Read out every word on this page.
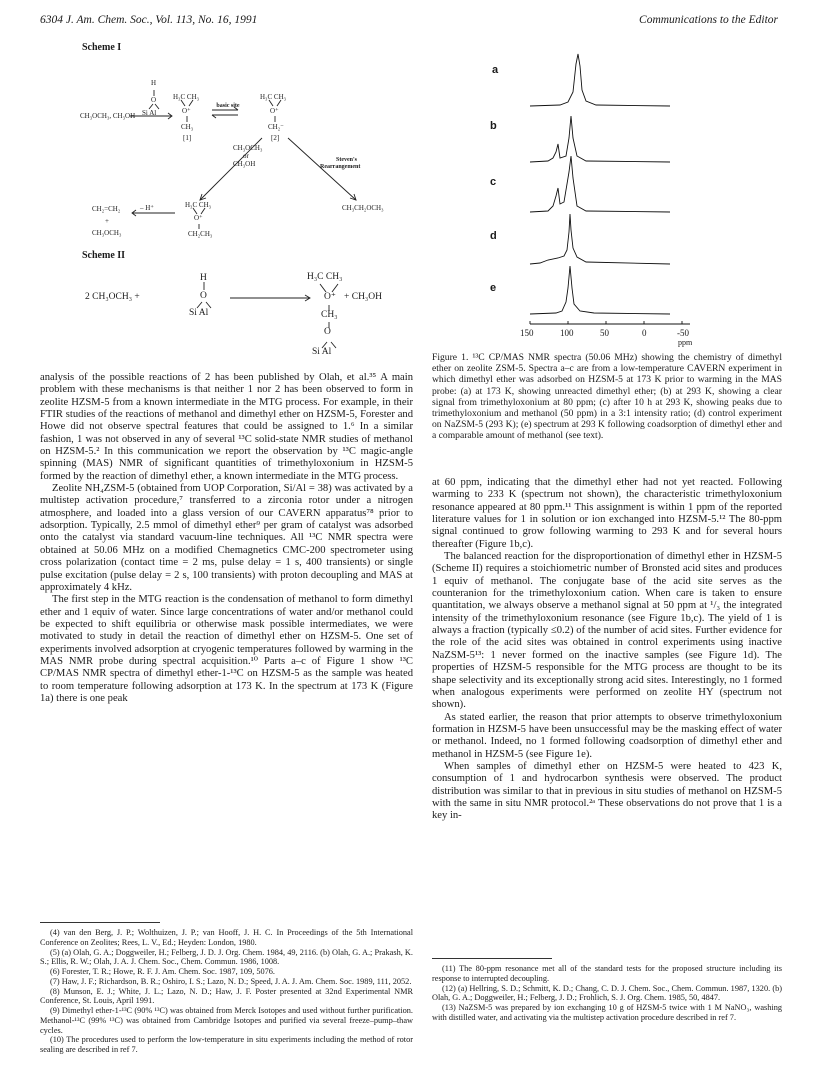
6304 J. Am. Chem. Soc., Vol. 113, No. 16, 1991	Communications to the Editor
Scheme I
H
O
Si Al
CH₃OCH₃, CH₃OH
H₃C CH₃
O⁺
CH₃
[1]
basic site
H₃C CH₃
O⁺
CH₂⁻
[2]
CH₃OCH₃
or
CH₃OH	Steven's
Rearrangement
CH₂=CH₂
+
CH₃OCH₃
– H⁺	H₃C CH₃
O⁺
CH₂CH₃
CH₃CH₂OCH₃
Scheme II
H
O
Si Al
2 CH₃OCH₃ +
H₃C CH₃
O⁺ + CH₃OH
CH₃
O
Si Al

analysis of the possible reactions of 2 has been published by Olah, et al.³⁵ A main problem with these mechanisms is that neither 1 nor 2 has been observed to form in zeolite HZSM-5 from a known intermediate in the MTG process. For example, in their FTIR studies of the reactions of methanol and dimethyl ether on HZSM-5, Forester and Howe did not observe spectral features that could be assigned to 1.⁶ In a similar fashion, 1 was not observed in any of several ¹³C solid-state NMR studies of methanol on HZSM-5.² In this communication we report the observation by ¹³C magic-angle spinning (MAS) NMR of significant quantities of trimethyloxonium in HZSM-5 formed by the reaction of dimethyl ether, a known intermediate in the MTG process.

Zeolite NH₄ZSM-5 (obtained from UOP Corporation, Si/Al = 38) was activated by a multistep activation procedure,⁷ transferred to a zirconia rotor under a nitrogen atmosphere, and loaded into a glass version of our CAVERN apparatus⁷⁸ prior to adsorption. Typically, 2.5 mmol of dimethyl ether⁹ per gram of catalyst was adsorbed onto the catalyst via standard vacuum-line techniques. All ¹³C NMR spectra were obtained at 50.06 MHz on a modified Chemagnetics CMC-200 spectrometer using cross polarization (contact time = 2 ms, pulse delay = 1 s, 400 transients) or single pulse excitation (pulse delay = 2 s, 100 transients) with proton decoupling and MAS at approximately 4 kHz.

The first step in the MTG reaction is the condensation of methanol to form dimethyl ether and 1 equiv of water. Since large concentrations of water and/or methanol could be expected to shift equilibria or otherwise mask possible intermediates, we were motivated to study in detail the reaction of dimethyl ether on HZSM-5. One set of experiments involved adsorption at cryogenic temperatures followed by warming in the MAS NMR probe during spectral acquisition.¹⁰ Parts a–c of Figure 1 show ¹³C CP/MAS NMR spectra of dimethyl ether-1-¹³C on HZSM-5 as the sample was heated to room temperature following adsorption at 173 K. In the spectrum at 173 K (Figure 1a) there is one peak

(4) van den Berg, J. P.; Wolthuizen, J. P.; van Hooff, J. H. C. In Proceedings of the 5th International Conference on Zeolites; Rees, L. V., Ed.; Heyden: London, 1980.

(5) (a) Olah, G. A.; Doggweiler, H.; Felberg, J. D. J. Org. Chem. 1984, 49, 2116. (b) Olah, G. A.; Prakash, K. S.; Ellis, R. W.; Olah, J. A. J. Chem. Soc., Chem. Commun. 1986, 1008.

(6) Forester, T. R.; Howe, R. F. J. Am. Chem. Soc. 1987, 109, 5076.

(7) Haw, J. F.; Richardson, B. R.; Oshiro, I. S.; Lazo, N. D.; Speed, J. A. J. Am. Chem. Soc. 1989, 111, 2052.

(8) Munson, E. J.; White, J. L.; Lazo, N. D.; Haw, J. F. Poster presented at 32nd Experimental NMR Conference, St. Louis, April 1991.

(9) Dimethyl ether-1-¹³C (90% ¹³C) was obtained from Merck Isotopes and used without further purification. Methanol-¹³C (99% ¹³C) was obtained from Cambridge Isotopes and purified via several freeze–pump–thaw cycles.

(10) The procedures used to perform the low-temperature in situ experiments including the method of rotor sealing are described in ref 7.

a
b
c
d
e
150	100	50	0	-50
ppm
Figure 1. ¹³C CP/MAS NMR spectra (50.06 MHz) showing the chemistry of dimethyl ether on zeolite ZSM-5. Spectra a–c are from a low-temperature CAVERN experiment in which dimethyl ether was adsorbed on HZSM-5 at 173 K prior to warming in the MAS probe: (a) at 173 K, showing unreacted dimethyl ether; (b) at 293 K, showing a clear signal from trimethyloxonium at 80 ppm; (c) after 10 h at 293 K, showing peaks due to trimethyloxonium and methanol (50 ppm) in a 3:1 intensity ratio; (d) control experiment on NaZSM-5 (293 K); (e) spectrum at 293 K following coadsorption of dimethyl ether and a comparable amount of methanol (see text).

at 60 ppm, indicating that the dimethyl ether had not yet reacted. Following warming to 233 K (spectrum not shown), the characteristic trimethyloxonium resonance appeared at 80 ppm.¹¹ This assignment is within 1 ppm of the reported literature values for 1 in solution or ion exchanged into HZSM-5.¹² The 80-ppm signal continued to grow following warming to 293 K and for several hours thereafter (Figure 1b,c).

The balanced reaction for the disproportionation of dimethyl ether in HZSM-5 (Scheme II) requires a stoichiometric number of Bronsted acid sites and produces 1 equiv of methanol. The conjugate base of the acid site serves as the counteranion for the trimethyloxonium cation. When care is taken to ensure quantitation, we always observe a methanol signal at 50 ppm at ¹/₃ the integrated intensity of the trimethyloxonium resonance (see Figure 1b,c). The yield of 1 is always a fraction (typically ≤0.2) of the number of acid sites. Further evidence for the role of the acid sites was obtained in control experiments using inactive NaZSM-5¹³: 1 never formed on the inactive samples (see Figure 1d). The properties of HZSM-5 responsible for the MTG process are thought to be its shape selectivity and its exceptionally strong acid sites. Interestingly, no 1 formed when analogous experiments were performed on zeolite HY (spectrum not shown).

As stated earlier, the reason that prior attempts to observe trimethyloxonium formation in HZSM-5 have been unsuccessful may be the masking effect of water or methanol. Indeed, no 1 formed following coadsorption of dimethyl ether and methanol in HZSM-5 (see Figure 1e).

When samples of dimethyl ether on HZSM-5 were heated to 423 K, consumption of 1 and hydrocarbon synthesis were observed. The product distribution was similar to that in previous in situ studies of methanol on HZSM-5 with the same in situ NMR protocol.²ᵃ These observations do not prove that 1 is a key in-

(11) The 80-ppm resonance met all of the standard tests for the proposed structure including its response to interrupted decoupling.

(12) (a) Hellring, S. D.; Schmitt, K. D.; Chang, C. D. J. Chem. Soc., Chem. Commun. 1987, 1320. (b) Olah, G. A.; Doggweiler, H.; Felberg, J. D.; Frohlich, S. J. Org. Chem. 1985, 50, 4847.

(13) NaZSM-5 was prepared by ion exchanging 10 g of HZSM-5 twice with 1 M NaNO₃, washing with distilled water, and activating via the multistep activation procedure described in ref 7.
